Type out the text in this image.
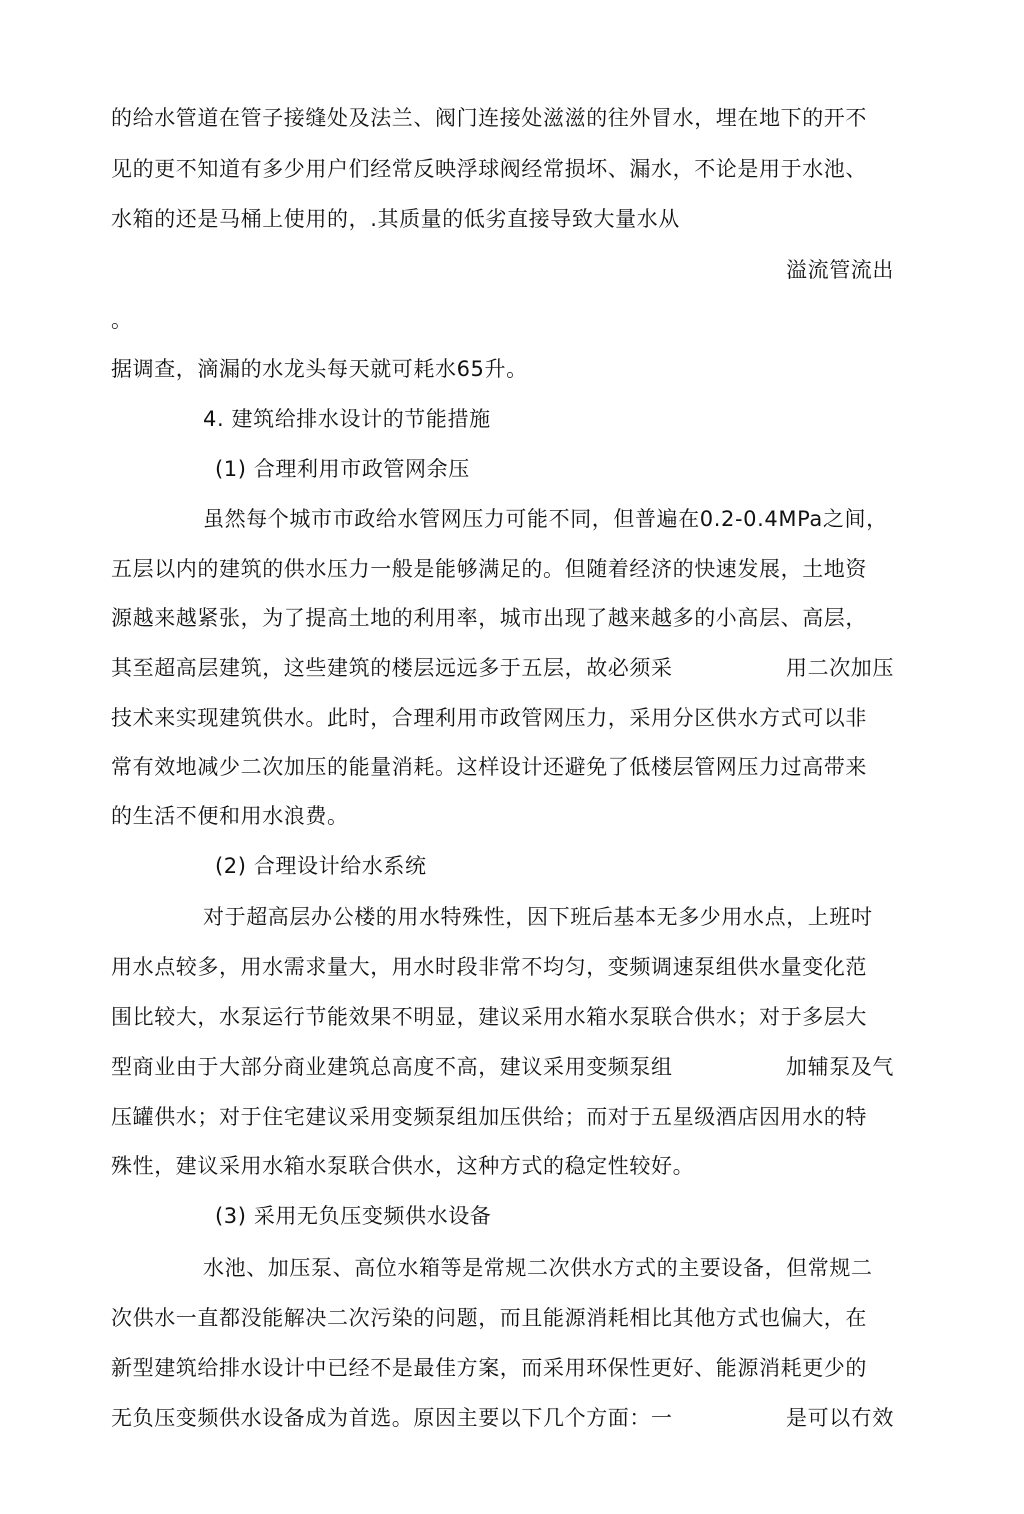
的给水管道在管子接缝处及法兰、阀门连接处滋滋的往外冒水，埋在地下的开不
见的更不知道有多少用户们经常反映浮球阀经常损坏、漏水，不论是用于水池、
水箱的还是马桶上使用的，.其质量的低劣直接导致大量水从
溢流管流出
。
据调查，滴漏的水龙头每天就可耗水65升。
4. 建筑给排水设计的节能措施
(1) 合理利用市政管网余压
虽然每个城市市政给水管网压力可能不同，但普遍在0.2-0.4MPa之间，
五层以内的建筑的供水压力一般是能够满足的。但随着经济的快速发展，土地资
源越来越紧张，为了提高土地的利用率，城市出现了越来越多的小高层、高层，
其至超高层建筑，这些建筑的楼层远远多于五层，故必须采	用二次加压
技术来实现建筑供水。此时，合理利用市政管网压力，采用分区供水方式可以非
常有效地减少二次加压的能量消耗。这样设计还避免了低楼层管网压力过高带来
的生活不便和用水浪费。
(2) 合理设计给水系统
对于超高层办公楼的用水特殊性，因下班后基本无多少用水点，上班吋
用水点较多，用水需求量大，用水时段非常不均匀，变频调速泵组供水量变化范
围比较大，水泵运行节能效果不明显，建议采用水箱水泵联合供水；对于多层大
型商业由于大部分商业建筑总高度不高，建议采用变频泵组	加辅泵及气
压罐供水；对于住宅建议采用变频泵组加压供给；而对于五星级酒店因用水的特
殊性，建议采用水箱水泵联合供水，这种方式的稳定性较好。
(3) 采用无负压变频供水设备
水池、加压泵、高位水箱等是常规二次供水方式的主要设备，但常规二
次供水一直都没能解决二次污染的问题，而且能源消耗相比其他方式也偏大，在
新型建筑给排水设计中已经不是最佳方案，而采用环保性更好、能源消耗更少的
无负压变频供水设备成为首选。原因主要以下几个方面：一	是可以冇效
